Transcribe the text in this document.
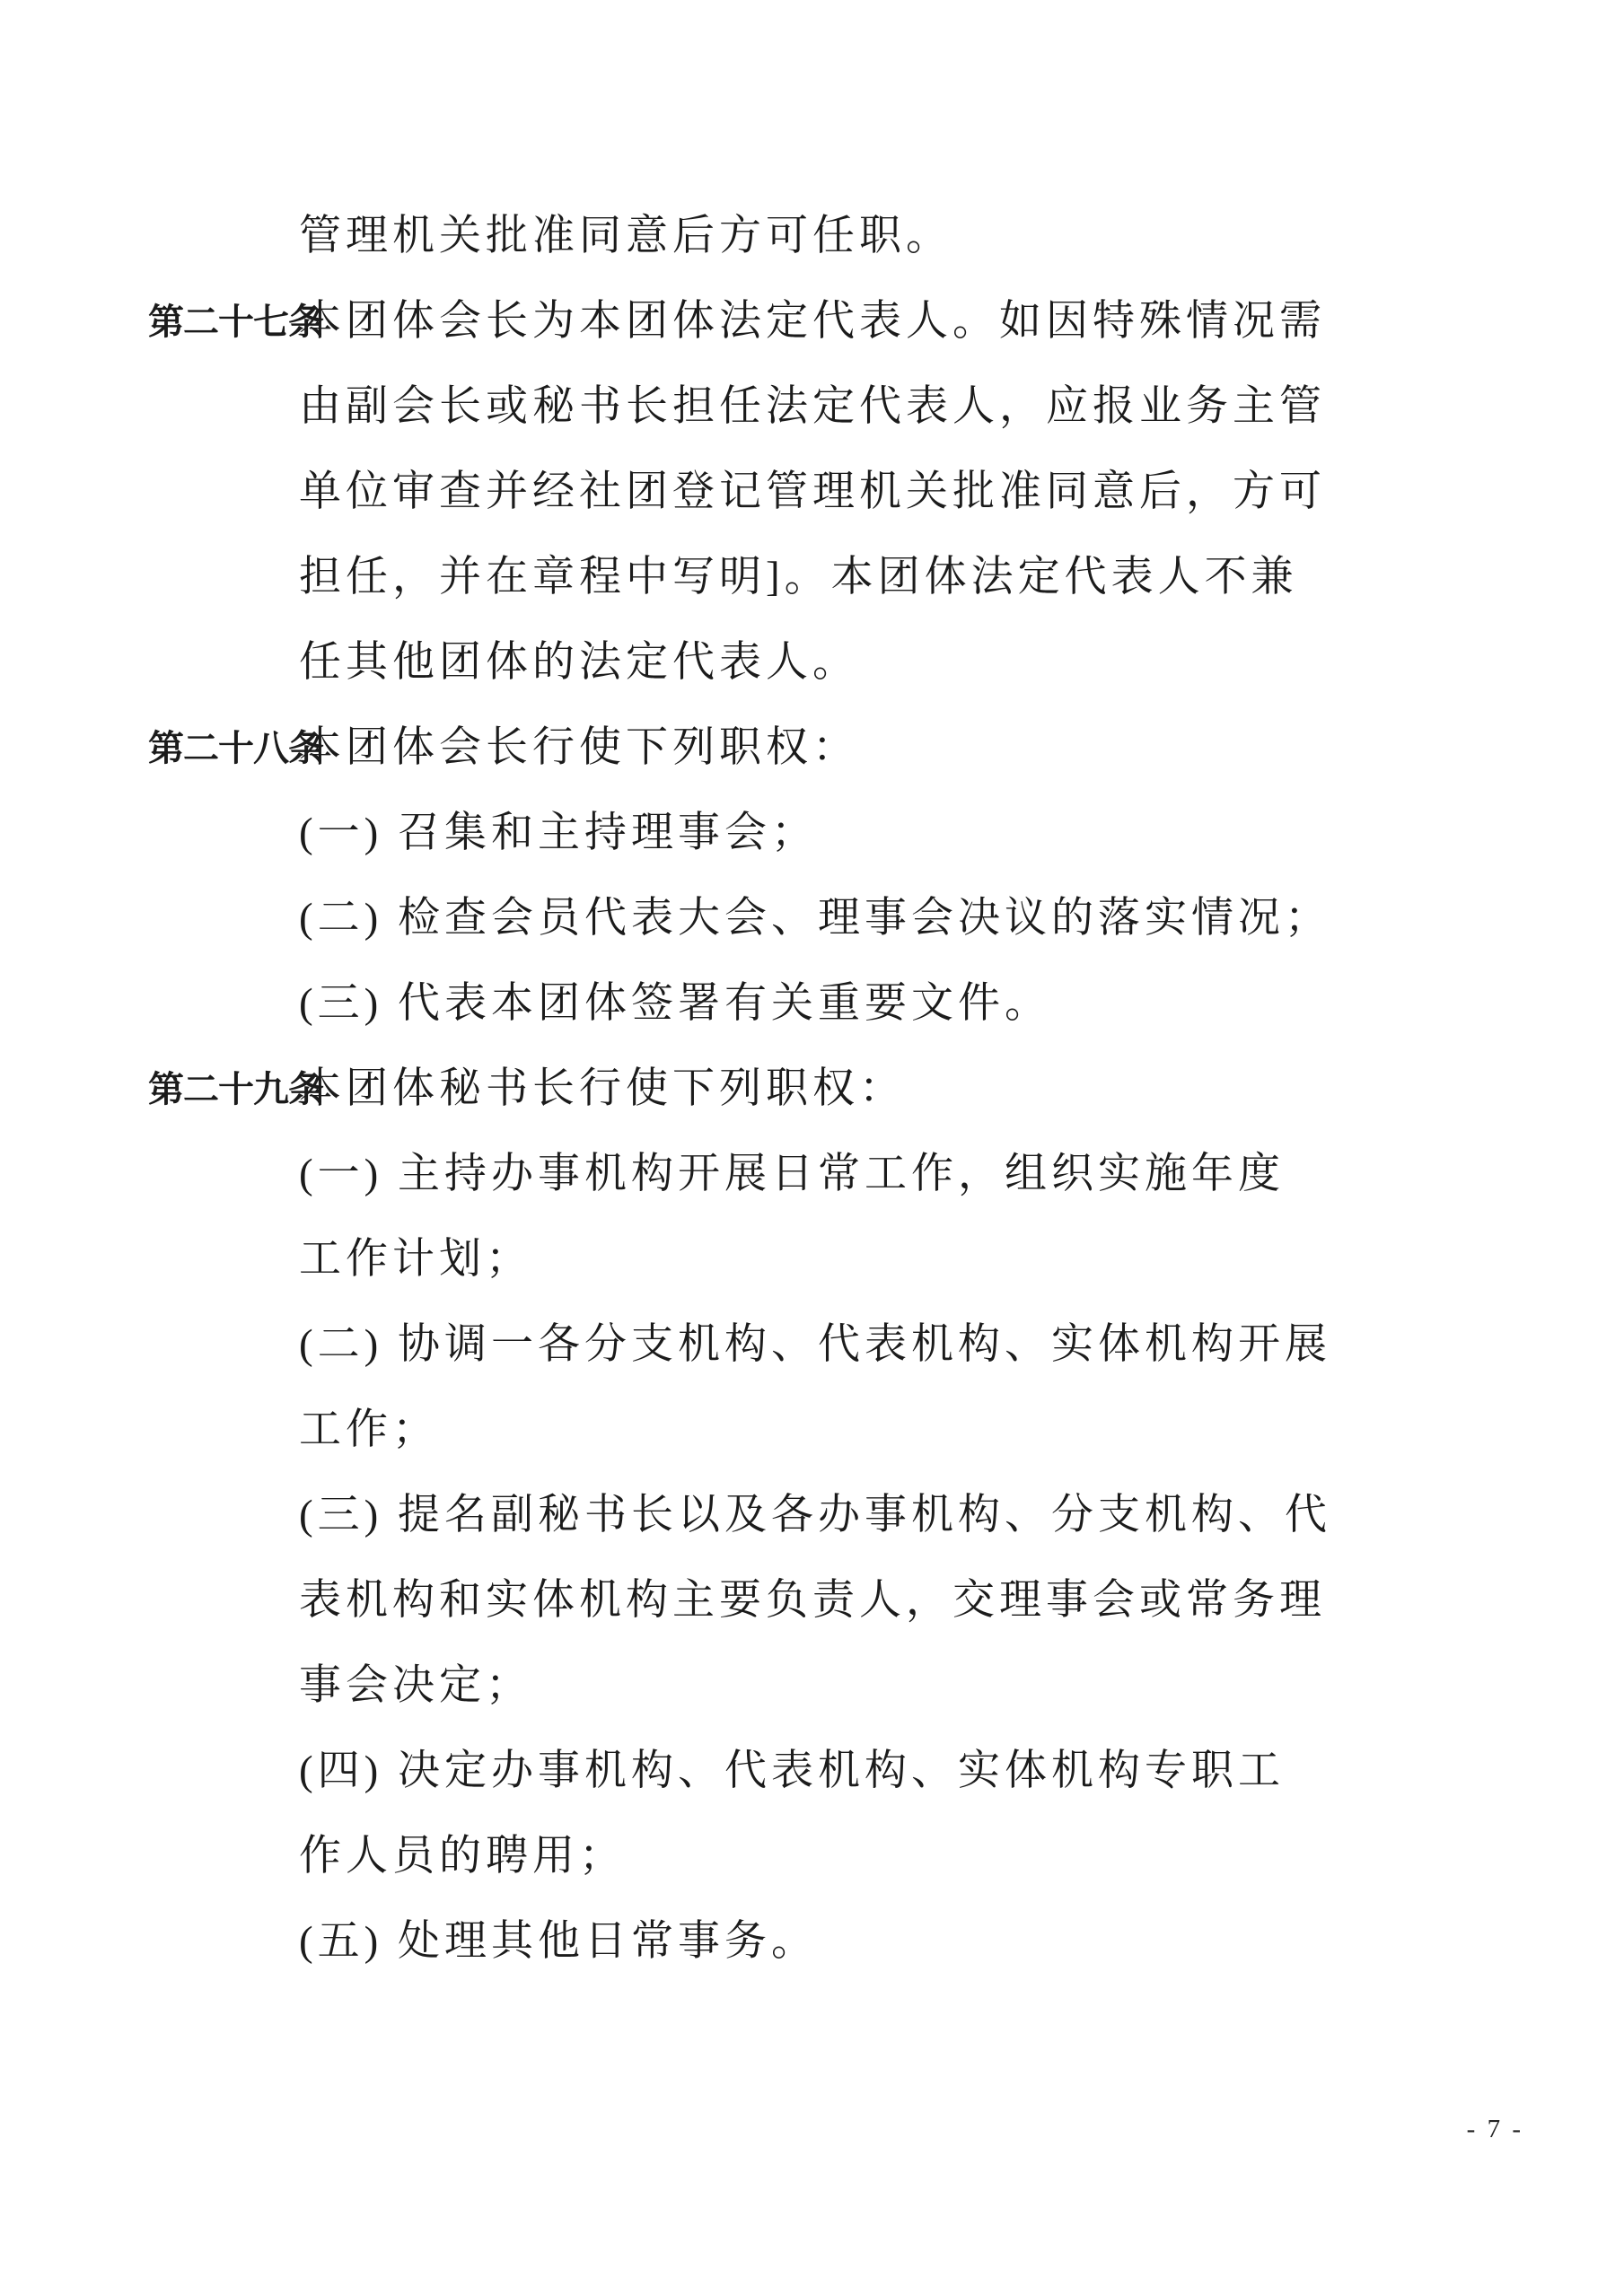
管理机关批准同意后方可任职。
第二十七条
本团体会长为本团体法定代表人。如因特殊情况需
由副会长或秘书长担任法定代表人，应报业务主管
单位审查并经社团登记管理机关批准同意后，方可
担任，并在章程中写明]。本团体法定代表人不兼
任其他团体的法定代表人。
第二十八条
本团体会长行使下列职权：
(一) 召集和主持理事会；
(二) 检查会员代表大会、理事会决议的落实情况；
(三) 代表本团体签署有关重要文件。
第二十九条
本团体秘书长行使下列职权：
(一) 主持办事机构开展日常工作，组织实施年度
工作计划；
(二) 协调一各分支机构、代表机构、实体机构开展
工作；
(三) 提名副秘书长以及各办事机构、分支机构、代
表机构和实体机构主要负责人，交理事会或常务理
事会决定；
(四) 决定办事机构、代表机构、实体机构专职工
作人员的聘用；
(五) 处理其他日常事务。
- 7 -
